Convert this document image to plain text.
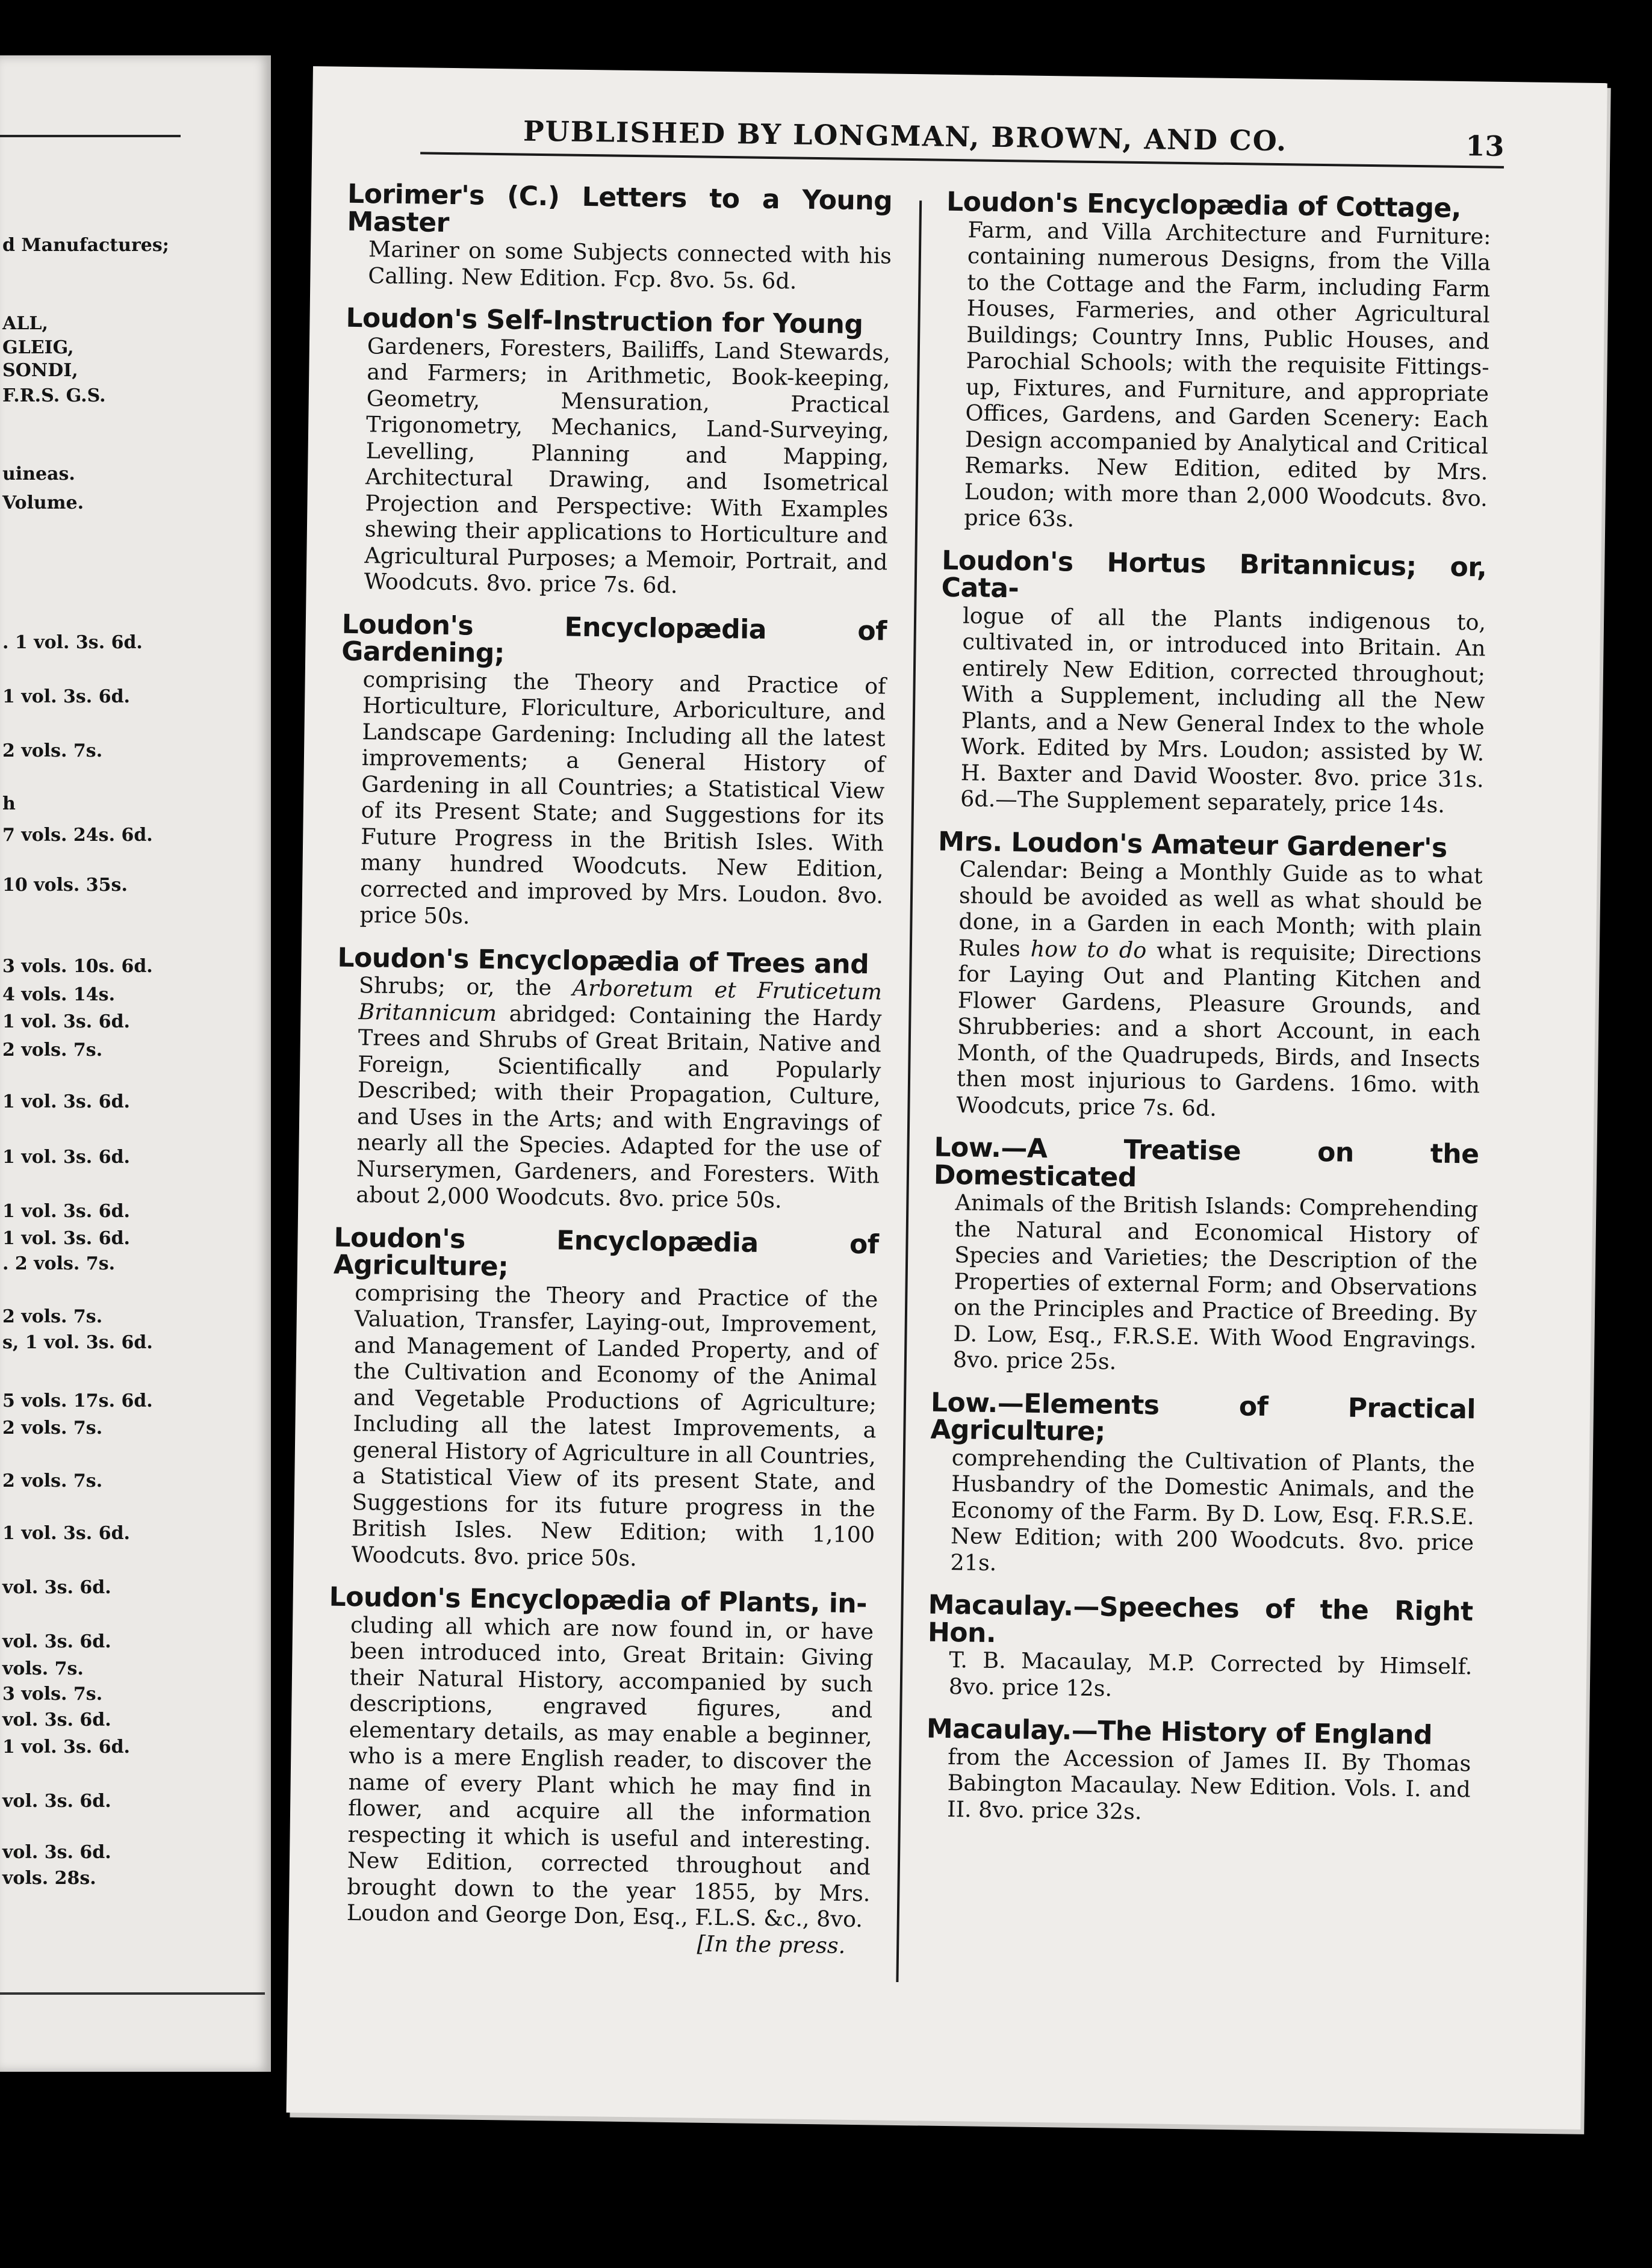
d Manufactures;
ALL,
GLEIG,
SONDI,
F.R.S. G.S.
uineas.
Volume.
. 1 vol. 3s. 6d.
1 vol. 3s. 6d.
2 vols. 7s.
h
7 vols. 24s. 6d.
10 vols. 35s.
3 vols. 10s. 6d.
4 vols. 14s.
1 vol. 3s. 6d.
2 vols. 7s.
1 vol. 3s. 6d.
1 vol. 3s. 6d.
1 vol. 3s. 6d.
1 vol. 3s. 6d.
. 2 vols. 7s.
2 vols. 7s.
s, 1 vol. 3s. 6d.
5 vols. 17s. 6d.
2 vols. 7s.
2 vols. 7s.
1 vol. 3s. 6d.
vol. 3s. 6d.
vol. 3s. 6d.
vols. 7s.
3 vols. 7s.
vol. 3s. 6d.
1 vol. 3s. 6d.
vol. 3s. 6d.
vol. 3s. 6d.
vols. 28s.
PUBLISHED BY LONGMAN, BROWN, AND CO.	13
Lorimer's (C.) Letters to a Young Master

Mariner on some Subjects connected with his Calling. New Edition. Fcp. 8vo. 5s. 6d.
Loudon's Self-Instruction for Young

Gardeners, Foresters, Bailiffs, Land Stewards, and Farmers; in Arithmetic, Book-keeping, Geometry, Mensuration, Practical Trigonometry, Mechanics, Land-Surveying, Levelling, Planning and Mapping, Architectural Drawing, and Isometrical Projection and Perspective: With Examples shewing their applications to Horticulture and Agricultural Purposes; a Memoir, Portrait, and Woodcuts. 8vo. price 7s. 6d.
Loudon's Encyclopædia of Gardening;

comprising the Theory and Practice of Horticulture, Floriculture, Arboriculture, and Landscape Gardening: Including all the latest improvements; a General History of Gardening in all Countries; a Statistical View of its Present State; and Suggestions for its Future Progress in the British Isles. With many hundred Woodcuts. New Edition, corrected and improved by Mrs. Loudon. 8vo. price 50s.
Loudon's Encyclopædia of Trees and

Shrubs; or, the Arboretum et Fruticetum Britannicum abridged: Containing the Hardy Trees and Shrubs of Great Britain, Native and Foreign, Scientifically and Popularly Described; with their Propagation, Culture, and Uses in the Arts; and with Engravings of nearly all the Species. Adapted for the use of Nurserymen, Gardeners, and Foresters. With about 2,000 Woodcuts. 8vo. price 50s.
Loudon's Encyclopædia of Agriculture;

comprising the Theory and Practice of the Valuation, Transfer, Laying-out, Improvement, and Management of Landed Property, and of the Cultivation and Economy of the Animal and Vegetable Productions of Agriculture; Including all the latest Improvements, a general History of Agriculture in all Countries, a Statistical View of its present State, and Suggestions for its future progress in the British Isles. New Edition; with 1,100 Woodcuts. 8vo. price 50s.
Loudon's Encyclopædia of Plants, in-

cluding all which are now found in, or have been introduced into, Great Britain: Giving their Natural History, accompanied by such descriptions, engraved figures, and elementary details, as may enable a beginner, who is a mere English reader, to discover the name of every Plant which he may find in flower, and acquire all the information respecting it which is useful and interesting. New Edition, corrected throughout and brought down to the year 1855, by Mrs. Loudon and George Don, Esq., F.L.S. &c., 8vo.
[In the press.
Loudon's Encyclopædia of Cottage,

Farm, and Villa Architecture and Furniture: containing numerous Designs, from the Villa to the Cottage and the Farm, including Farm Houses, Farmeries, and other Agricultural Buildings; Country Inns, Public Houses, and Parochial Schools; with the requisite Fittings-up, Fixtures, and Furniture, and appropriate Offices, Gardens, and Garden Scenery: Each Design accompanied by Analytical and Critical Remarks. New Edition, edited by Mrs. Loudon; with more than 2,000 Woodcuts. 8vo. price 63s.
Loudon's Hortus Britannicus; or, Cata-

logue of all the Plants indigenous to, cultivated in, or introduced into Britain. An entirely New Edition, corrected throughout; With a Supplement, including all the New Plants, and a New General Index to the whole Work. Edited by Mrs. Loudon; assisted by W. H. Baxter and David Wooster. 8vo. price 31s. 6d.—The Supplement separately, price 14s.
Mrs. Loudon's Amateur Gardener's

Calendar: Being a Monthly Guide as to what should be avoided as well as what should be done, in a Garden in each Month; with plain Rules how to do what is requisite; Directions for Laying Out and Planting Kitchen and Flower Gardens, Pleasure Grounds, and Shrubberies: and a short Account, in each Month, of the Quadrupeds, Birds, and Insects then most injurious to Gardens. 16mo. with Woodcuts, price 7s. 6d.
Low.—A Treatise on the Domesticated

Animals of the British Islands: Comprehending the Natural and Economical History of Species and Varieties; the Description of the Properties of external Form; and Observations on the Principles and Practice of Breeding. By D. Low, Esq., F.R.S.E. With Wood Engravings. 8vo. price 25s.
Low.—Elements of Practical Agriculture;

comprehending the Cultivation of Plants, the Husbandry of the Domestic Animals, and the Economy of the Farm. By D. Low, Esq. F.R.S.E. New Edition; with 200 Woodcuts. 8vo. price 21s.
Macaulay.—Speeches of the Right Hon.

T. B. Macaulay, M.P. Corrected by Himself. 8vo. price 12s.
Macaulay.—The History of England

from the Accession of James II. By Thomas Babington Macaulay. New Edition. Vols. I. and II. 8vo. price 32s.
